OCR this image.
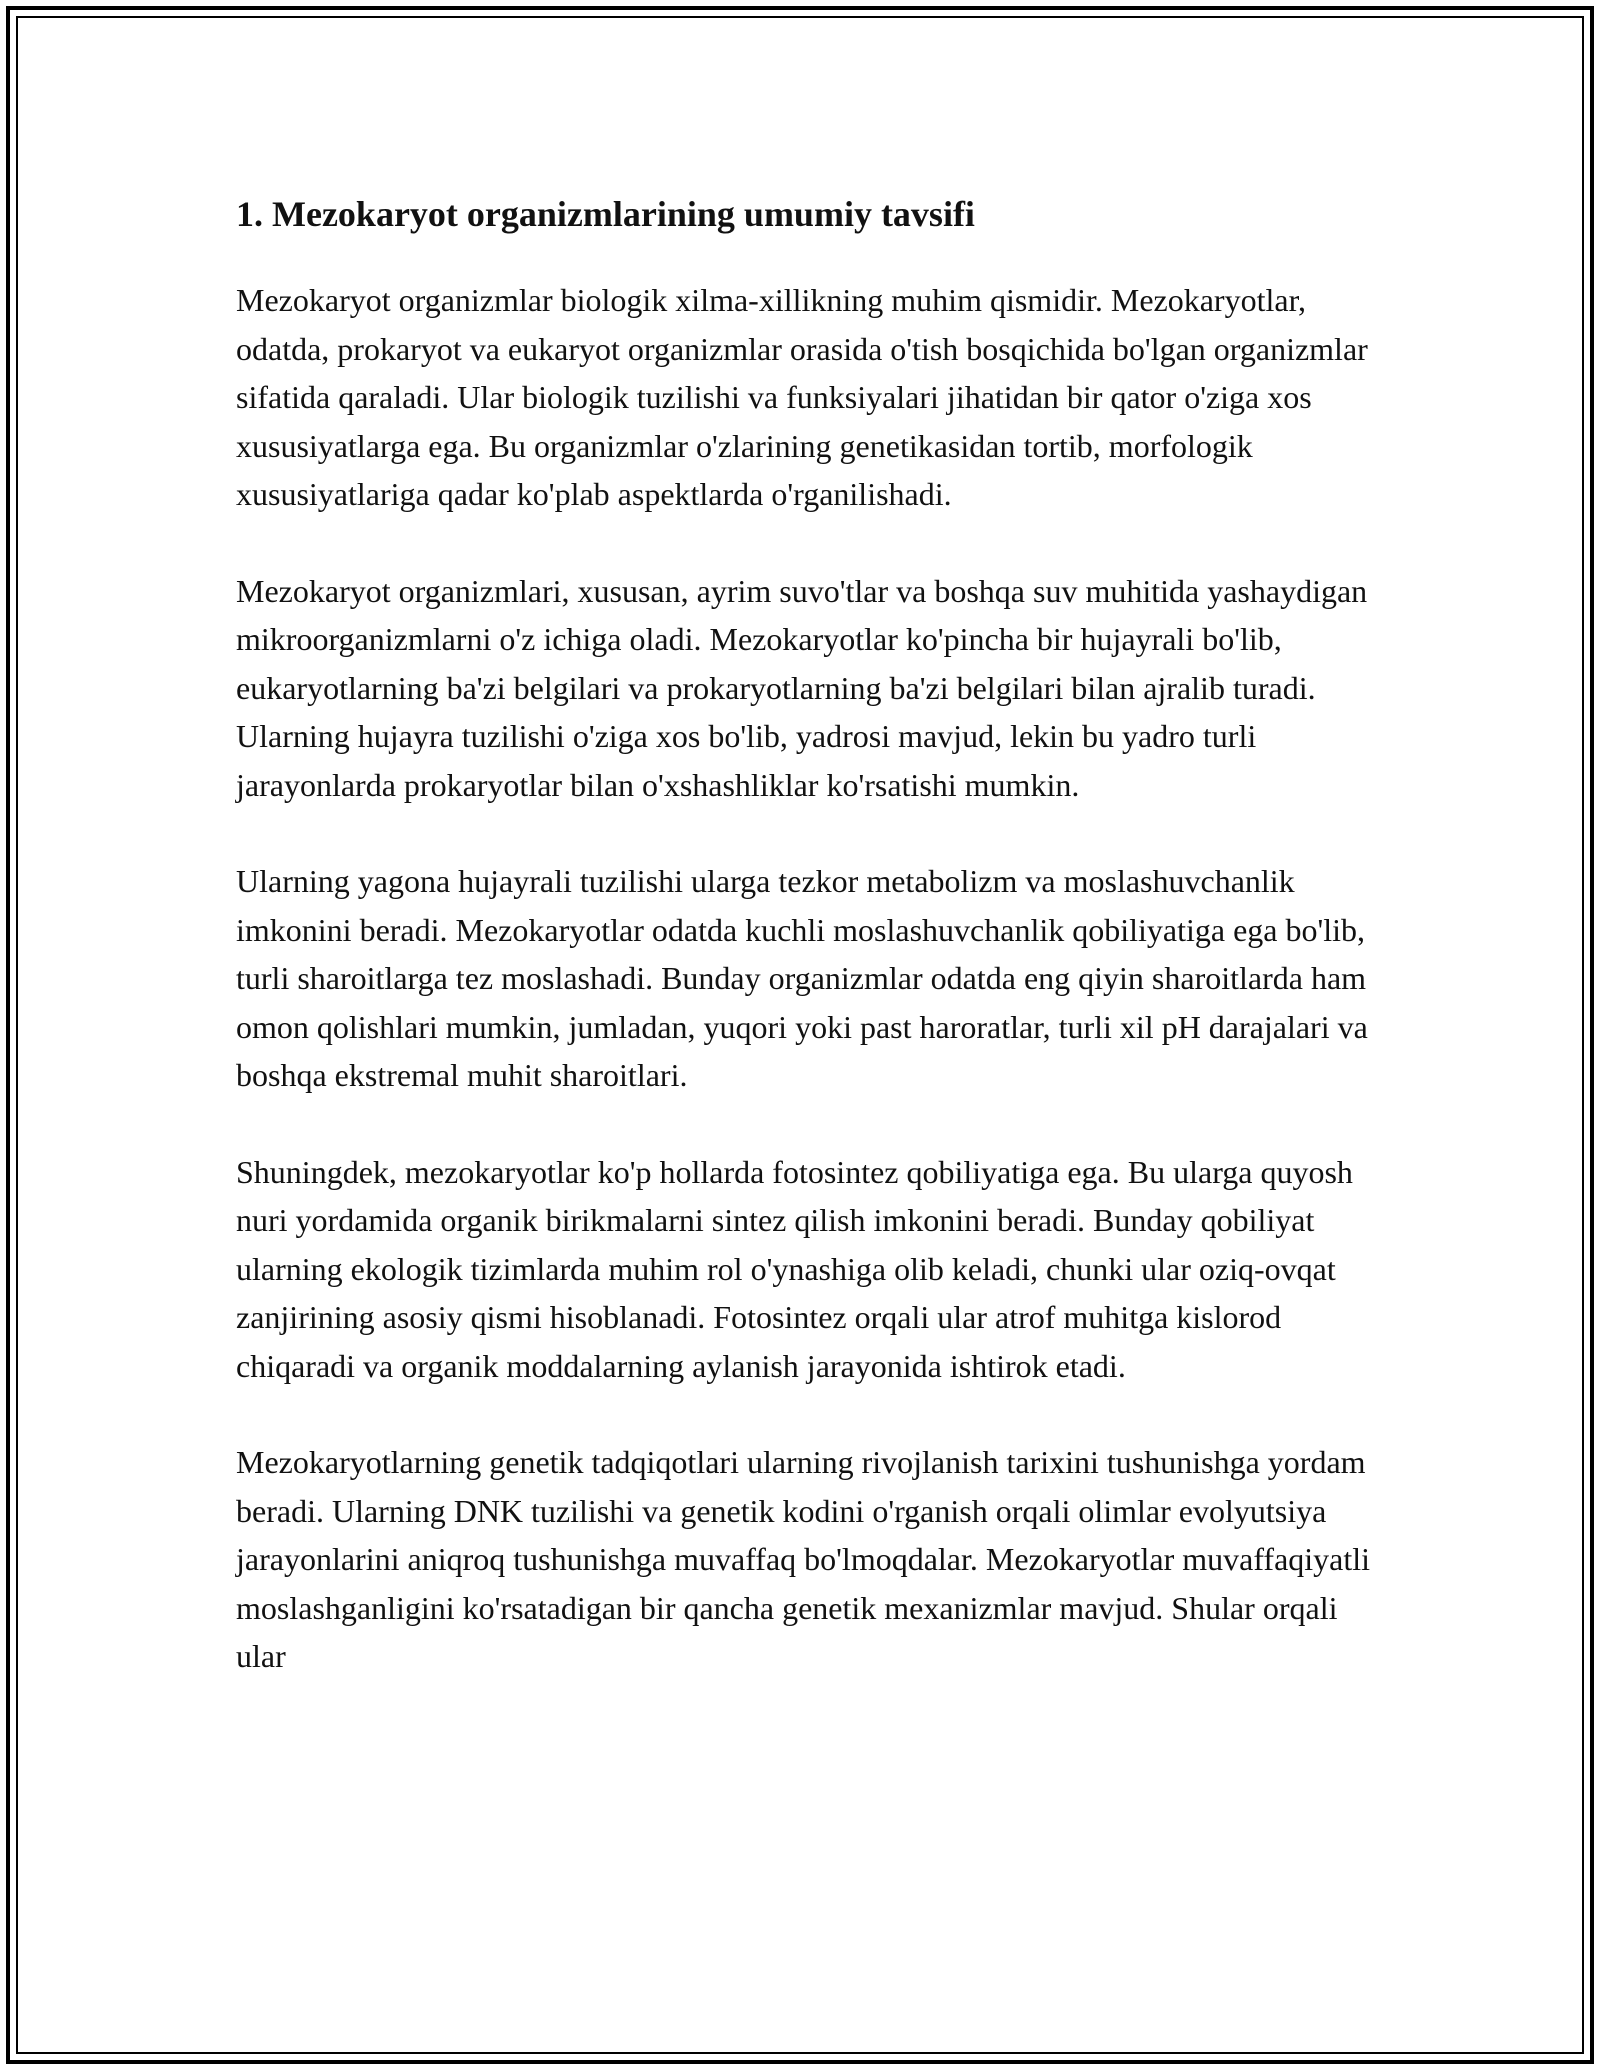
1. Mezokaryot organizmlarining umumiy tavsifi

Mezokaryot organizmlar biologik xilma-xillikning muhim qismidir. Mezokaryotlar, odatda, prokaryot va eukaryot organizmlar orasida o'tish bosqichida bo'lgan organizmlar sifatida qaraladi. Ular biologik tuzilishi va funksiyalari jihatidan bir qator o'ziga xos xususiyatlarga ega. Bu organizmlar o'zlarining genetikasidan tortib, morfologik xususiyatlariga qadar ko'plab aspektlarda o'rganilishadi.

Mezokaryot organizmlari, xususan, ayrim suvo'tlar va boshqa suv muhitida yashaydigan mikroorganizmlarni o'z ichiga oladi. Mezokaryotlar ko'pincha bir hujayrali bo'lib, eukaryotlarning ba'zi belgilari va prokaryotlarning ba'zi belgilari bilan ajralib turadi. Ularning hujayra tuzilishi o'ziga xos bo'lib, yadrosi mavjud, lekin bu yadro turli jarayonlarda prokaryotlar bilan o'xshashliklar ko'rsatishi mumkin.

Ularning yagona hujayrali tuzilishi ularga tezkor metabolizm va moslashuvchanlik imkonini beradi. Mezokaryotlar odatda kuchli moslashuvchanlik qobiliyatiga ega bo'lib, turli sharoitlarga tez moslashadi. Bunday organizmlar odatda eng qiyin sharoitlarda ham omon qolishlari mumkin, jumladan, yuqori yoki past haroratlar, turli xil pH darajalari va boshqa ekstremal muhit sharoitlari.

Shuningdek, mezokaryotlar ko'p hollarda fotosintez qobiliyatiga ega. Bu ularga quyosh nuri yordamida organik birikmalarni sintez qilish imkonini beradi. Bunday qobiliyat ularning ekologik tizimlarda muhim rol o'ynashiga olib keladi, chunki ular oziq-ovqat zanjirining asosiy qismi hisoblanadi. Fotosintez orqali ular atrof muhitga kislorod chiqaradi va organik moddalarning aylanish jarayonida ishtirok etadi.

Mezokaryotlarning genetik tadqiqotlari ularning rivojlanish tarixini tushunishga yordam beradi. Ularning DNK tuzilishi va genetik kodini o'rganish orqali olimlar evolyutsiya jarayonlarini aniqroq tushunishga muvaffaq bo'lmoqdalar. Mezokaryotlar muvaffaqiyatli moslashganligini ko'rsatadigan bir qancha genetik mexanizmlar mavjud. Shular orqali ular
